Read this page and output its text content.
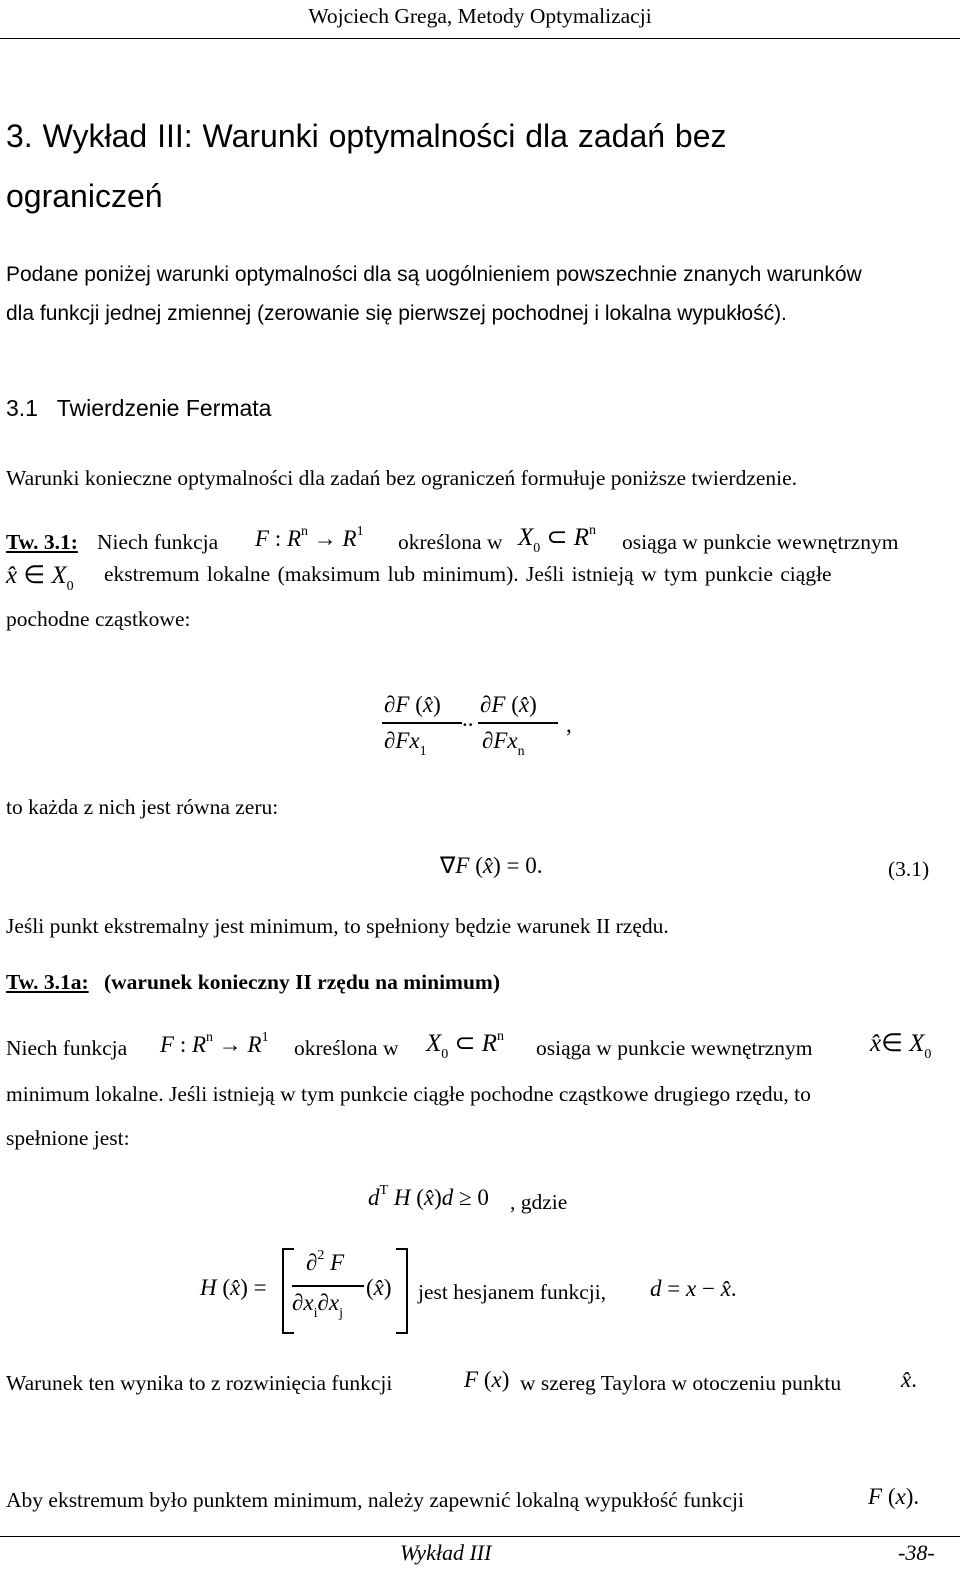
Wojciech Grega, Metody Optymalizacji
3. Wykład III: Warunki optymalności dla zadań bez
ograniczeń
Podane poniżej warunki optymalności dla są uogólnieniem powszechnie znanych warunków
dla funkcji jednej zmiennej (zerowanie się pierwszej pochodnej i lokalna wypukłość).
3.1   Twierdzenie Fermata
Warunki konieczne optymalności dla zadań bez ograniczeń formułuje poniższe twierdzenie.
Tw. 3.1: Niech funkcja F : $R^n \to R^1$ określona w $X_0$ ⊂ $R^n$ osiąga w punkcie wewnętrznym
x̂ ∈ $X_0$
ekstremum lokalne (maksimum lub minimum). Jeśli istnieją w tym punkcie ciągłe
pochodne cząstkowe:
∂F (x̂)
$\partial Fx_1$
..
∂F (x̂)
$\partial Fx_n$
,
to każda z nich jest równa zeru:
∇F (x̂) = 0.	(3.1)
Jeśli punkt ekstremalny jest minimum, to spełniony będzie warunek II rzędu.
Tw. 3.1a: (warunek konieczny II rzędu na minimum)
Niech funkcja F : $R^n \to R^1$ określona w $X_0$ ⊂ $R^n$ osiąga w punkcie wewnętrznym x̂∈ $X_0$
minimum lokalne. Jeśli istnieją w tym punkcie ciągłe pochodne cząstkowe drugiego rzędu, to
spełnione jest:
$d^T$ H (x̂)d ≥ 0 , gdzie
H (x̂) =
∂$^2$ F
$\partial x_i\partial x_j$
(x̂) jest hesjanem funkcji, d = x − x̂.
Warunek ten wynika to z rozwinięcia funkcji	F (x) w szereg Taylora w otoczeniu punktu	x̂.
Aby ekstremum było punktem minimum, należy zapewnić lokalną wypukłość funkcji	F (x).
Wykład III	-38-
